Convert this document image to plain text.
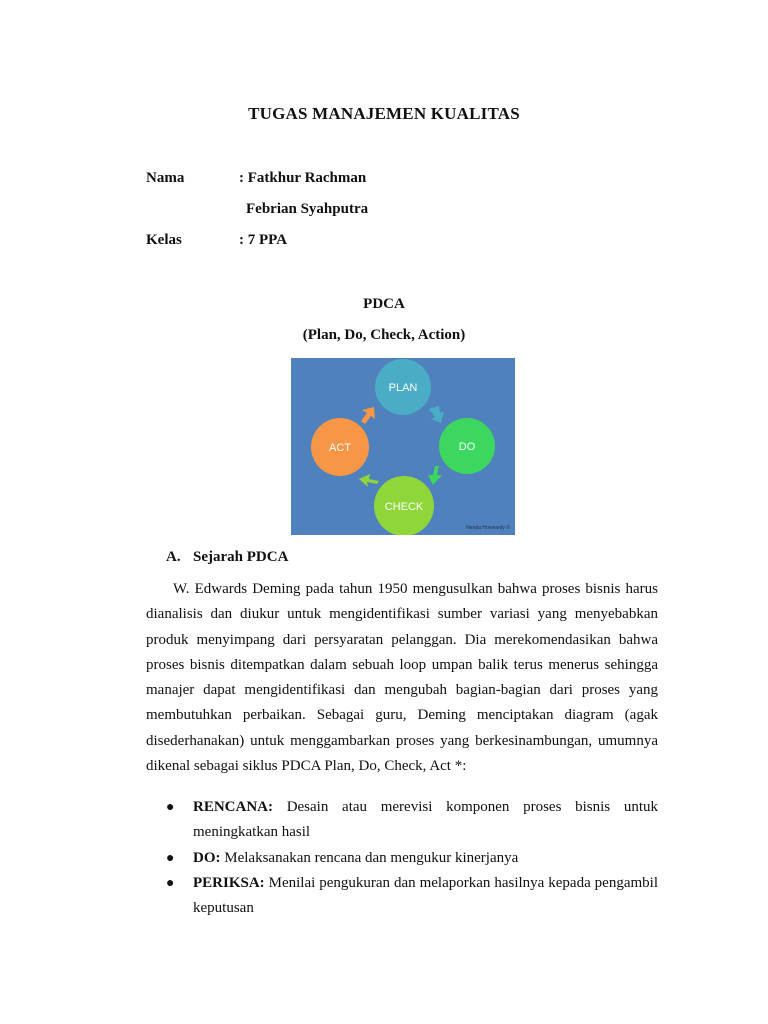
TUGAS MANAJEMEN KUALITAS
Nama	: Fatkhur Rachman
Febrian Syahputra
Kelas	: 7 PPA
PDCA
(Plan, Do, Check, Action)
PLAN
DO
CHECK
ACT
Nenda Hoewardy ©
A. Sejarah PDCA

W. Edwards Deming pada tahun 1950 mengusulkan bahwa proses bisnis harus dianalisis dan diukur untuk mengidentifikasi sumber variasi yang menyebabkan produk menyimpang dari persyaratan pelanggan. Dia merekomendasikan bahwa proses bisnis ditempatkan dalam sebuah loop umpan balik terus menerus sehingga manajer dapat mengidentifikasi dan mengubah bagian-bagian dari proses yang membutuhkan perbaikan. Sebagai guru, Deming menciptakan diagram (agak disederhanakan) untuk menggambarkan proses yang berkesinambungan, umumnya dikenal sebagai siklus PDCA Plan, Do, Check, Act *:

● RENCANA: Desain atau merevisi komponen proses bisnis untuk meningkatkan hasil
● DO: Melaksanakan rencana dan mengukur kinerjanya
● PERIKSA: Menilai pengukuran dan melaporkan hasilnya kepada pengambil keputusan
